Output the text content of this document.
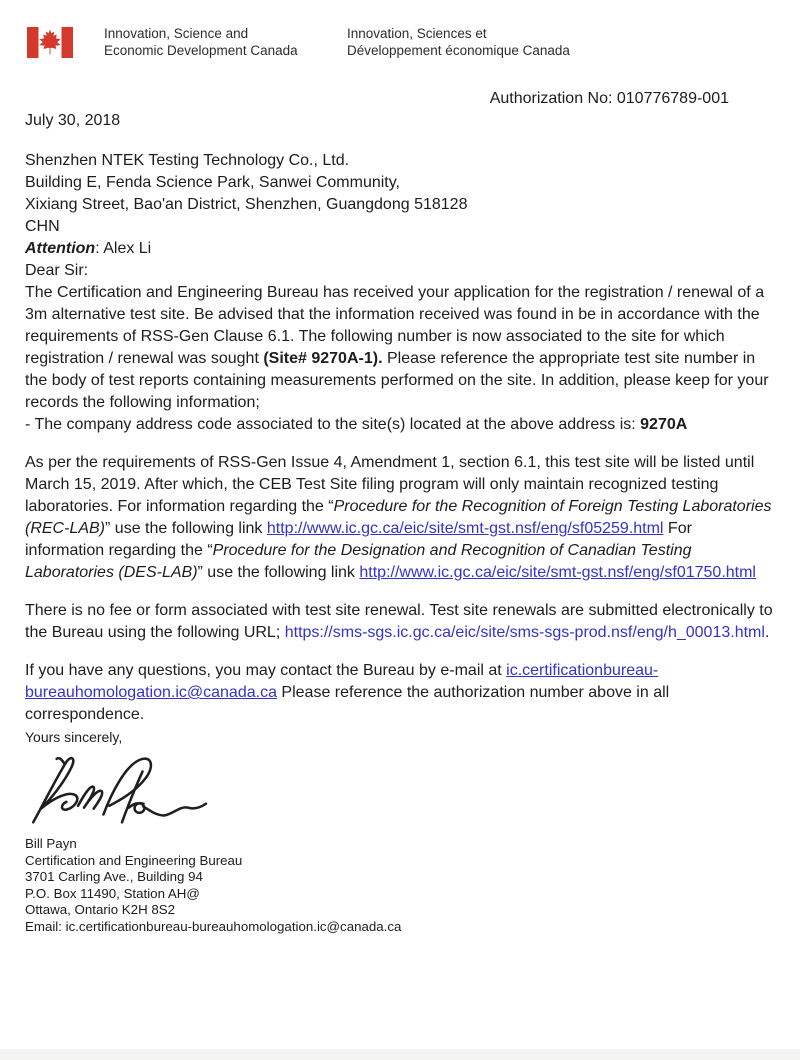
Innovation, Science and
Economic Development Canada
Innovation, Sciences et
Développement économique Canada

Authorization No: 010776789-001

July 30, 2018

Shenzhen NTEK Testing Technology Co., Ltd.
Building E, Fenda Science Park, Sanwei Community,
Xixiang Street, Bao'an District, Shenzhen, Guangdong 518128
CHN

Attention: Alex Li

Dear Sir:

The Certification and Engineering Bureau has received your application for the registration / renewal of a 3m alternative test site. Be advised that the information received was found in be in accordance with the requirements of RSS-Gen Clause 6.1. The following number is now associated to the site for which registration / renewal was sought (Site# 9270A-1). Please reference the appropriate test site number in the body of test reports containing measurements performed on the site. In addition, please keep for your records the following information;

- The company address code associated to the site(s) located at the above address is: 9270A

As per the requirements of RSS-Gen Issue 4, Amendment 1, section 6.1, this test site will be listed until March 15, 2019. After which, the CEB Test Site filing program will only maintain recognized testing laboratories. For information regarding the “Procedure for the Recognition of Foreign Testing Laboratories (REC-LAB)” use the following link http://www.ic.gc.ca/eic/site/smt-gst.nsf/eng/sf05259.html For information regarding the “Procedure for the Designation and Recognition of Canadian Testing Laboratories (DES-LAB)” use the following link http://www.ic.gc.ca/eic/site/smt-gst.nsf/eng/sf01750.html

There is no fee or form associated with test site renewal. Test site renewals are submitted electronically to the Bureau using the following URL; https://sms-sgs.ic.gc.ca/eic/site/sms-sgs-prod.nsf/eng/h_00013.html.

If you have any questions, you may contact the Bureau by e-mail at ic.certificationbureau-bureauhomologation.ic@canada.ca Please reference the authorization number above in all correspondence.

Yours sincerely,

Bill Payn
Certification and Engineering Bureau
3701 Carling Ave., Building 94
P.O. Box 11490, Station AH@
Ottawa, Ontario K2H 8S2
Email: ic.certificationbureau-bureauhomologation.ic@canada.ca
